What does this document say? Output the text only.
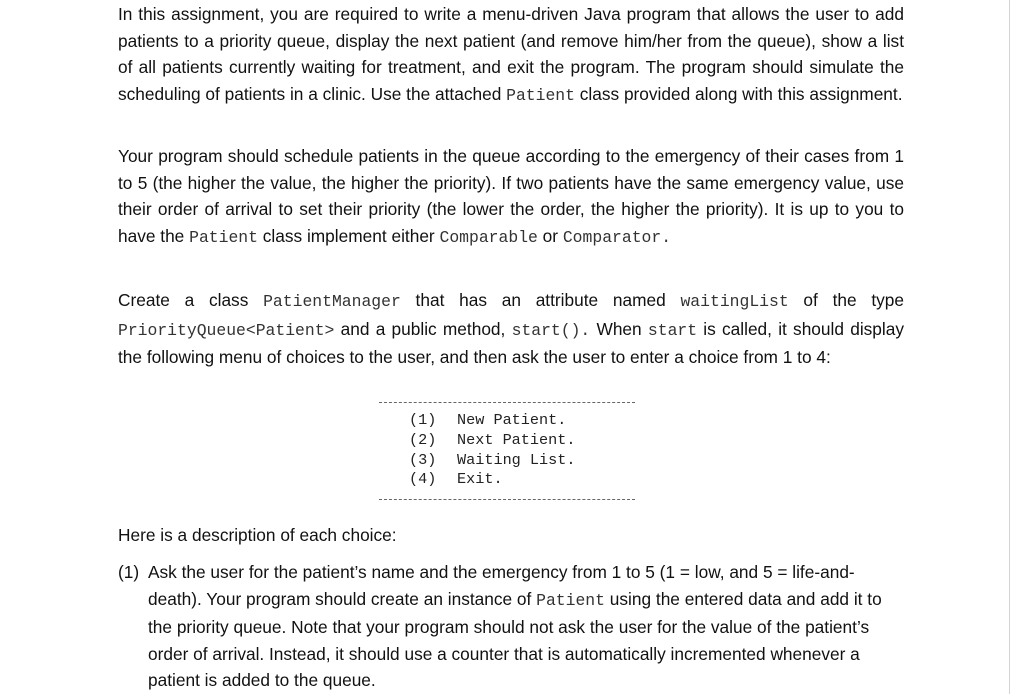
In this assignment, you are required to write a menu-driven Java program that allows the user to add patients to a priority queue, display the next patient (and remove him/her from the queue), show a list of all patients currently waiting for treatment, and exit the program. The program should simulate the scheduling of patients in a clinic. Use the attached Patient class provided along with this assignment.

Your program should schedule patients in the queue according to the emergency of their cases from 1 to 5 (the higher the value, the higher the priority). If two patients have the same emergency value, use their order of arrival to set their priority (the lower the order, the higher the priority). It is up to you to have the Patient class implement either Comparable or Comparator.

Create a class PatientManager that has an attribute named waitingList of the type PriorityQueue<Patient> and a public method, start(). When start is called, it should display the following menu of choices to the user, and then ask the user to enter a choice from 1 to 4:

Here is a description of each choice:

(1) Ask the user for the patient’s name and the emergency from 1 to 5 (1 = low, and 5 = life-and-death). Your program should create an instance of Patient using the entered data and add it to the priority queue. Note that your program should not ask the user for the value of the patient’s order of arrival. Instead, it should use a counter that is automatically incremented whenever a patient is added to the queue.

(1) New Patient.
(2) Next Patient.
(3) Waiting List.
(4) Exit.
